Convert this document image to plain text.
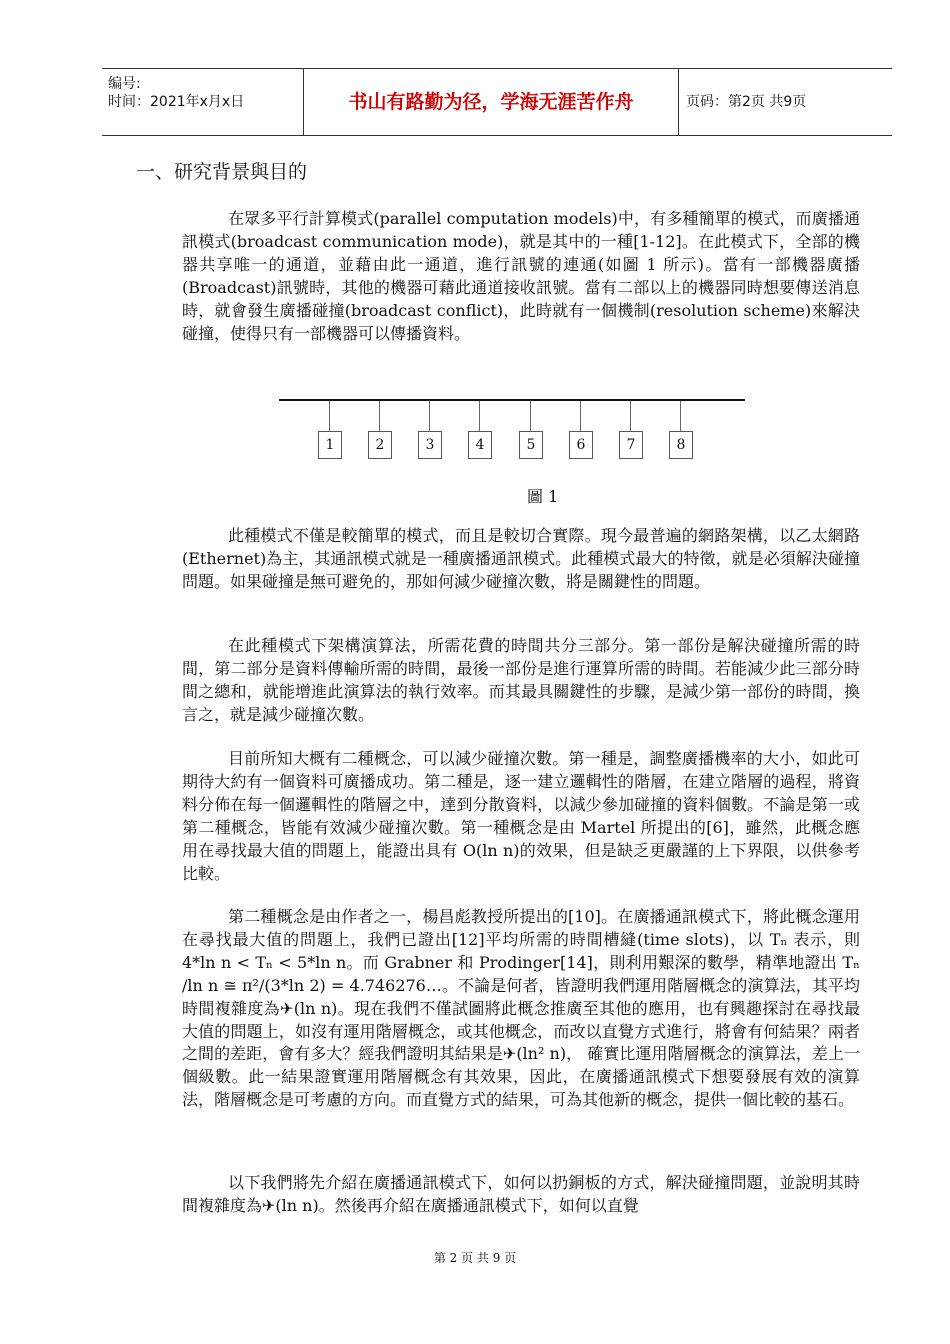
编号:
时间：2021年x月x日	书山有路勤为径，学海无涯苦作舟	页码：第2页 共9页
一、研究背景與目的

在眾多平行計算模式(parallel computation models)中，有多種簡單的模式，而廣播通訊模式(broadcast communication mode)，就是其中的一種[1-12]。在此模式下，全部的機器共享唯一的通道，並藉由此一通道，進行訊號的連通(如圖 1 所示)。當有一部機器廣播(Broadcast)訊號時，其他的機器可藉此通道接收訊號。當有二部以上的機器同時想要傳送消息時，就會發生廣播碰撞(broadcast conflict)，此時就有一個機制(resolution scheme)來解決碰撞，使得只有一部機器可以傳播資料。

1	2	3	4	5	6	7	8
圖 1

此種模式不僅是較簡單的模式，而且是較切合實際。現今最普遍的網路架構，以乙太網路(Ethernet)為主，其通訊模式就是一種廣播通訊模式。此種模式最大的特徵，就是必須解決碰撞問題。如果碰撞是無可避免的，那如何減少碰撞次數，將是關鍵性的問題。

在此種模式下架構演算法，所需花費的時間共分三部分。第一部份是解決碰撞所需的時間，第二部分是資料傳輸所需的時間，最後一部份是進行運算所需的時間。若能減少此三部分時間之總和，就能增進此演算法的執行效率。而其最具關鍵性的步驟，是減少第一部份的時間，換言之，就是減少碰撞次數。

目前所知大概有二種概念，可以減少碰撞次數。第一種是，調整廣播機率的大小，如此可期待大約有一個資料可廣播成功。第二種是，逐一建立邏輯性的階層，在建立階層的過程，將資料分佈在每一個邏輯性的階層之中，達到分散資料，以減少參加碰撞的資料個數。不論是第一或第二種概念，皆能有效減少碰撞次數。第一種概念是由 Martel 所提出的[6]，雖然，此概念應用在尋找最大值的問題上，能證出具有 O(ln n)的效果，但是缺乏更嚴謹的上下界限，以供參考比較。

第二種概念是由作者之一，楊昌彪教授所提出的[10]。在廣播通訊模式下，將此概念運用在尋找最大值的問題上，我們已證出[12]平均所需的時間槽縫(time slots)，以 Tₙ 表示，則 4*ln n < Tₙ < 5*ln n。而 Grabner 和 Prodinger[14]，則利用艱深的數學，精準地證出 Tₙ /ln n ≅ π²/(3*ln 2) = 4.746276…。不論是何者，皆證明我們運用階層概念的演算法，其平均時間複雜度為✈(ln n)。現在我們不僅試圖將此概念推廣至其他的應用，也有興趣探討在尋找最大值的問題上，如沒有運用階層概念，或其他概念，而改以直覺方式進行，將會有何結果？兩者之間的差距，會有多大？經我們證明其結果是✈(ln² n)， 確實比運用階層概念的演算法，差上一個級數。此一結果證實運用階層概念有其效果，因此，在廣播通訊模式下想要發展有效的演算法，階層概念是可考慮的方向。而直覺方式的結果，可為其他新的概念，提供一個比較的基石。

以下我們將先介紹在廣播通訊模式下，如何以扔銅板的方式，解決碰撞問題，並說明其時間複雜度為✈(ln n)。然後再介紹在廣播通訊模式下，如何以直覺

第 2 页 共 9 页
